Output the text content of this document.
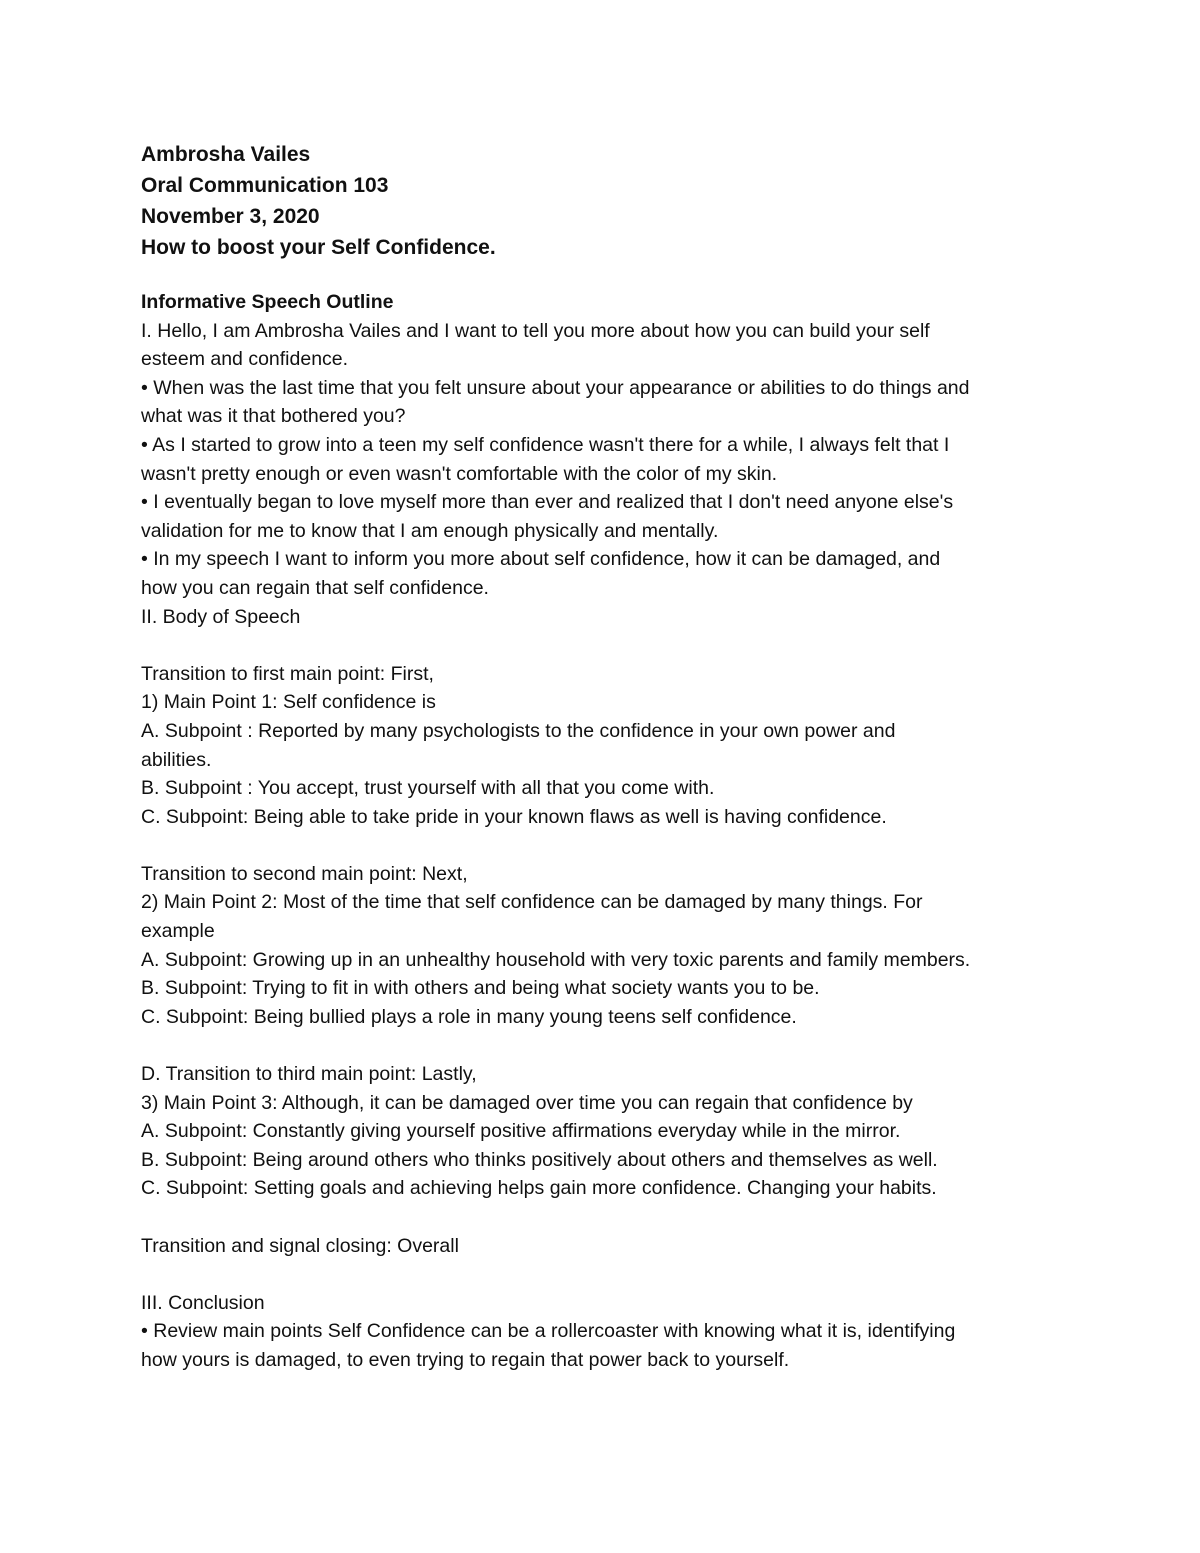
Ambrosha Vailes

Oral Communication 103

November 3, 2020

How to boost your Self Confidence.

Informative Speech Outline

I. Hello, I am Ambrosha Vailes and I want to tell you more about how you can build your self

esteem and confidence.

• When was the last time that you felt unsure about your appearance or abilities to do things and

what was it that bothered you?

• As I started to grow into a teen my self confidence wasn't there for a while, I always felt that I

wasn't pretty enough or even wasn't comfortable with the color of my skin.

• I eventually began to love myself more than ever and realized that I don't need anyone else's

validation for me to know that I am enough physically and mentally.

• In my speech I want to inform you more about self confidence, how it can be damaged, and

how you can regain that self confidence.

II. Body of Speech

Transition to first main point: First,

1) Main Point 1: Self confidence is

A. Subpoint : Reported by many psychologists to the confidence in your own power and

abilities.

B. Subpoint : You accept, trust yourself with all that you come with.

C. Subpoint: Being able to take pride in your known flaws as well is having confidence.

Transition to second main point: Next,

2) Main Point 2: Most of the time that self confidence can be damaged by many things. For

example

A. Subpoint: Growing up in an unhealthy household with very toxic parents and family members.

B. Subpoint: Trying to fit in with others and being what society wants you to be.

C. Subpoint: Being bullied plays a role in many young teens self confidence.

D. Transition to third main point: Lastly,

3) Main Point 3: Although, it can be damaged over time you can regain that confidence by

A. Subpoint: Constantly giving yourself positive affirmations everyday while in the mirror.

B. Subpoint: Being around others who thinks positively about others and themselves as well.

C. Subpoint: Setting goals and achieving helps gain more confidence. Changing your habits.

Transition and signal closing: Overall

III. Conclusion

• Review main points Self Confidence can be a rollercoaster with knowing what it is, identifying

how yours is damaged, to even trying to regain that power back to yourself.
